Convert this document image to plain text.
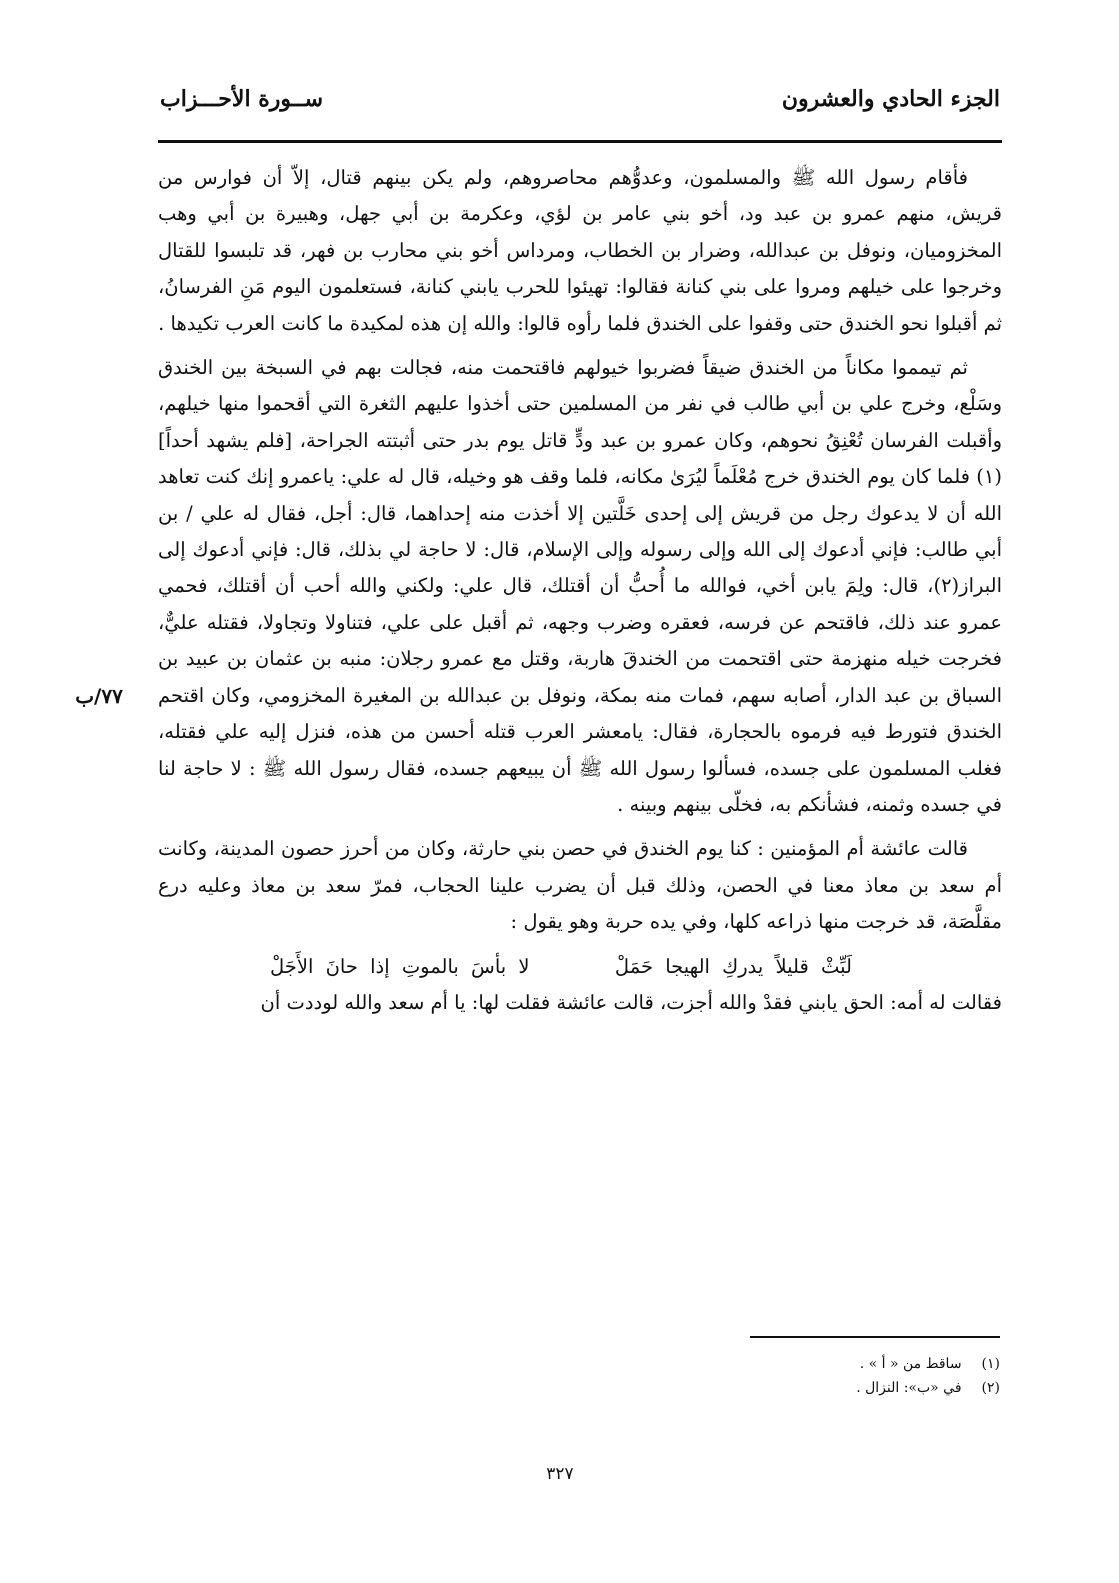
الجزء الحادي والعشرون
ســورة الأحـــزاب

فأقام رسول الله ﷺ والمسلمون، وعدوُّهم محاصروهم، ولم يكن بينهم قتال، إلاّ أن فوارس من قريش، منهم عمرو بن عبد ود، أخو بني عامر بن لؤي، وعكرمة بن أبي جهل، وهبيرة بن أبي وهب المخزوميان، ونوفل بن عبدالله، وضرار بن الخطاب، ومرداس أخو بني محارب بن فهر، قد تلبسوا للقتال وخرجوا على خيلهم ومروا على بني كنانة فقالوا: تهيئوا للحرب يابني كنانة، فستعلمون اليوم مَنِ الفرسانُ، ثم أقبلوا نحو الخندق حتى وقفوا على الخندق فلما رأوه قالوا: والله إن هذه لمكيدة ما كانت العرب تكيدها .

ثم تيمموا مكاناً من الخندق ضيقاً فضربوا خيولهم فاقتحمت منه، فجالت بهم في السبخة بين الخندق وسَلْع، وخرج علي بن أبي طالب في نفر من المسلمين حتى أخذوا عليهم الثغرة التي أقحموا منها خيلهم، وأقبلت الفرسان تُعْنِقُ نحوهم، وكان عمرو بن عبد ودٍّ قاتل يوم بدر حتى أثبتته الجراحة، [فلم يشهد أحداً](١) فلما كان يوم الخندق خرج مُعْلَماً ليُرَىٰ مكانه، فلما وقف هو وخيله، قال له علي: ياعمرو إنك كنت تعاهد الله أن لا يدعوك رجل من قريش إلى إحدى خَلَّتين إلا أخذت منه إحداهما، قال: أجل، فقال له علي / بن أبي طالب: فإني أدعوك إلى الله وإلى رسوله وإلى الإسلام، قال: لا حاجة لي بذلك، قال: فإني أدعوك إلى البراز(٢)، قال: ولِمَ يابن أخي، فوالله ما أُحبُّ أن أقتلك، قال علي: ولكني والله أحب أن أقتلك، فحمي عمرو عند ذلك، فاقتحم عن فرسه، فعقره وضرب وجهه، ثم أقبل على علي، فتناولا وتجاولا، فقتله عليٌّ، فخرجت خيله منهزمة حتى اقتحمت من الخندقَ هاربة، وقتل مع عمرو رجلان: منبه بن عثمان بن عبيد بن السباق بن عبد الدار، أصابه سهم، فمات منه بمكة، ونوفل بن عبدالله بن المغيرة المخزومي، وكان اقتحم الخندق فتورط فيه فرموه بالحجارة، فقال: يامعشر العرب قتله أحسن من هذه، فنزل إليه علي فقتله، فغلب المسلمون على جسده، فسألوا رسول الله ﷺ أن يبيعهم جسده، فقال رسول الله ﷺ : لا حاجة لنا في جسده وثمنه، فشأنكم به، فخلّى بينهم وبينه .

قالت عائشة أم المؤمنين : كنا يوم الخندق في حصن بني حارثة، وكان من أحرز حصون المدينة، وكانت أم سعد بن معاذ معنا في الحصن، وذلك قبل أن يضرب علينا الحجاب، فمرّ سعد بن معاذ وعليه درع مقلَّصَة، قد خرجت منها ذراعه كلها، وفي يده حربة وهو يقول :

لَبِّثْ قليلاً يدركِ الهيجا حَمَلْ       لا بأسَ بالموتِ إذا حانَ الأَجَلْ

فقالت له أمه: الحق يابني فقدْ والله أجزت، قالت عائشة فقلت لها: يا أم سعد والله لوددت أن

٧٧/ب
(١) ساقط من « أ » .
(٢) في «ب»: النزال .
٣٢٧
